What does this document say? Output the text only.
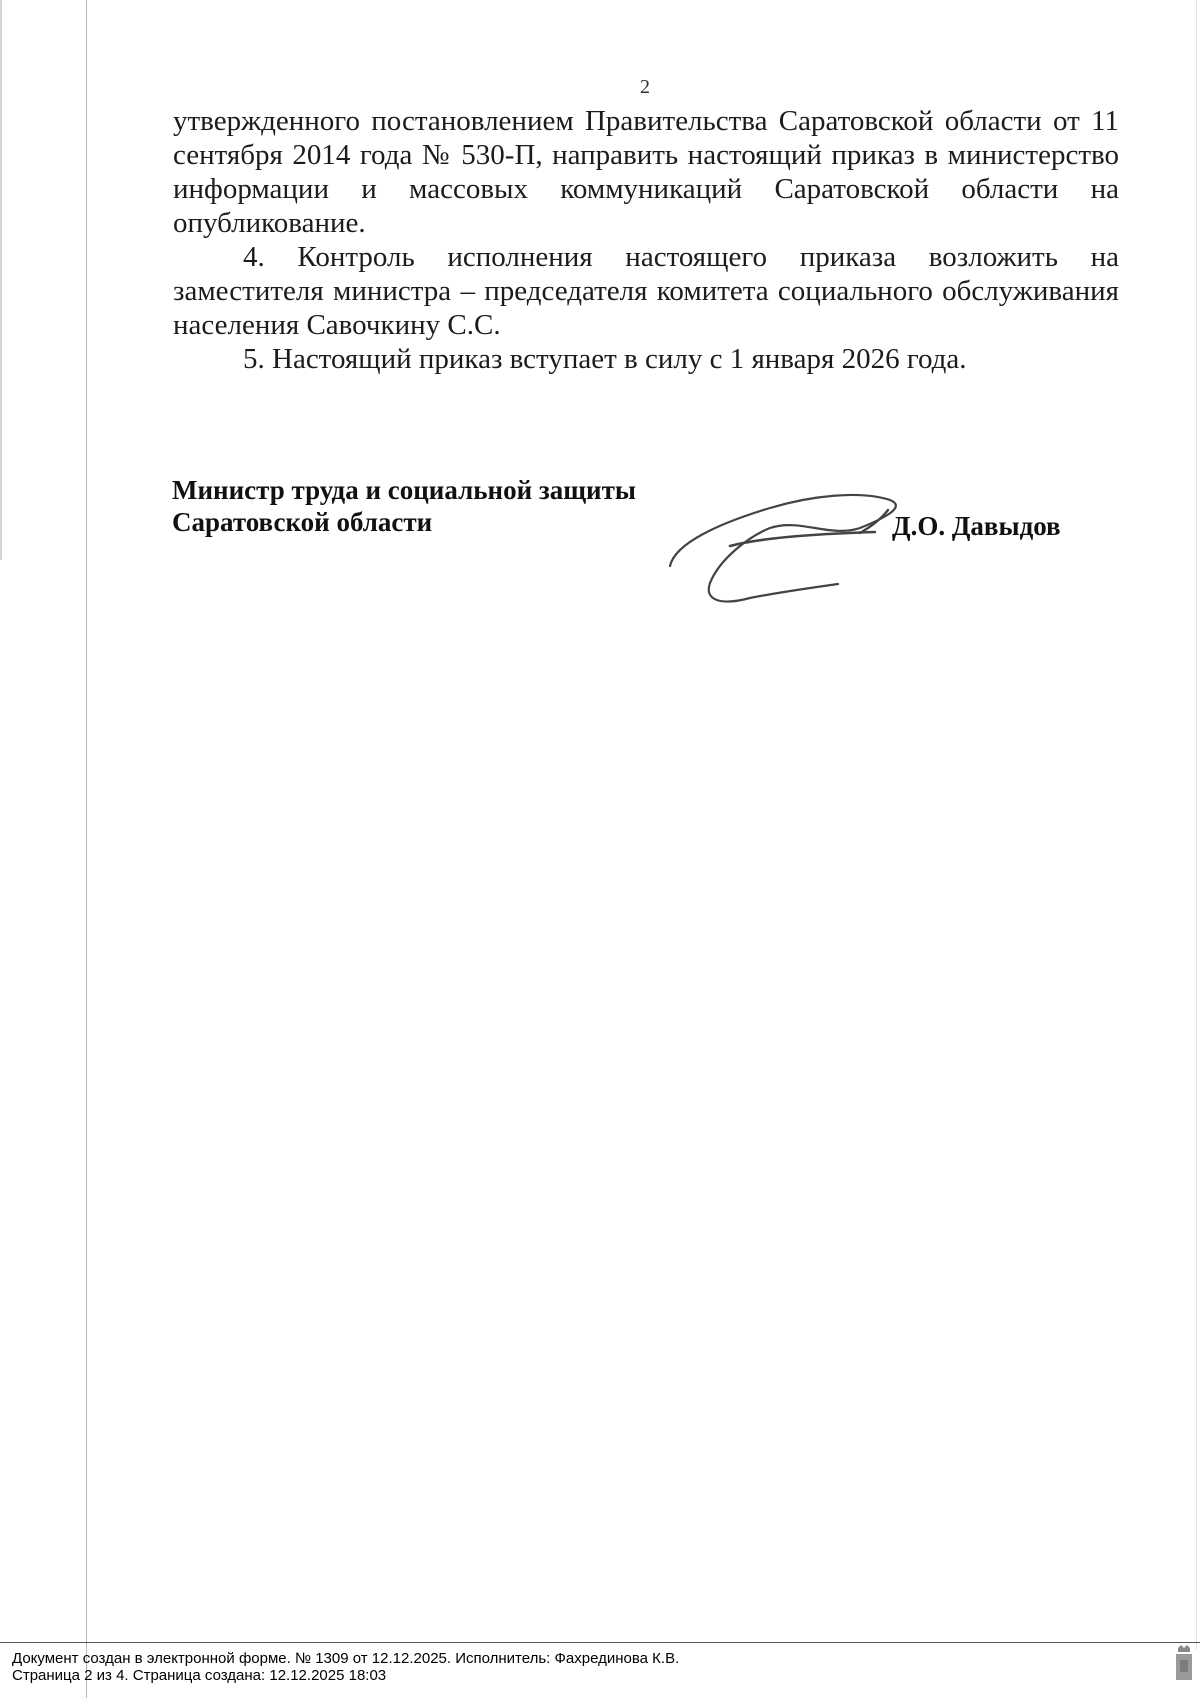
2

утвержденного постановлением Правительства Саратовской области от 11 сентября 2014 года № 530-П, направить настоящий приказ в министерство информации и массовых коммуникаций Саратовской области на опубликование.

4. Контроль исполнения настоящего приказа возложить на заместителя министра – председателя комитета социального обслуживания населения Савочкину С.С.

5. Настоящий приказ вступает в силу с 1 января 2026 года.

Министр труда и социальной защиты
Саратовской области	Д.О. Давыдов
Документ создан в электронной форме. № 1309 от 12.12.2025. Исполнитель: Фахрединова К.В.
Страница 2 из 4. Страница создана: 12.12.2025 18:03
